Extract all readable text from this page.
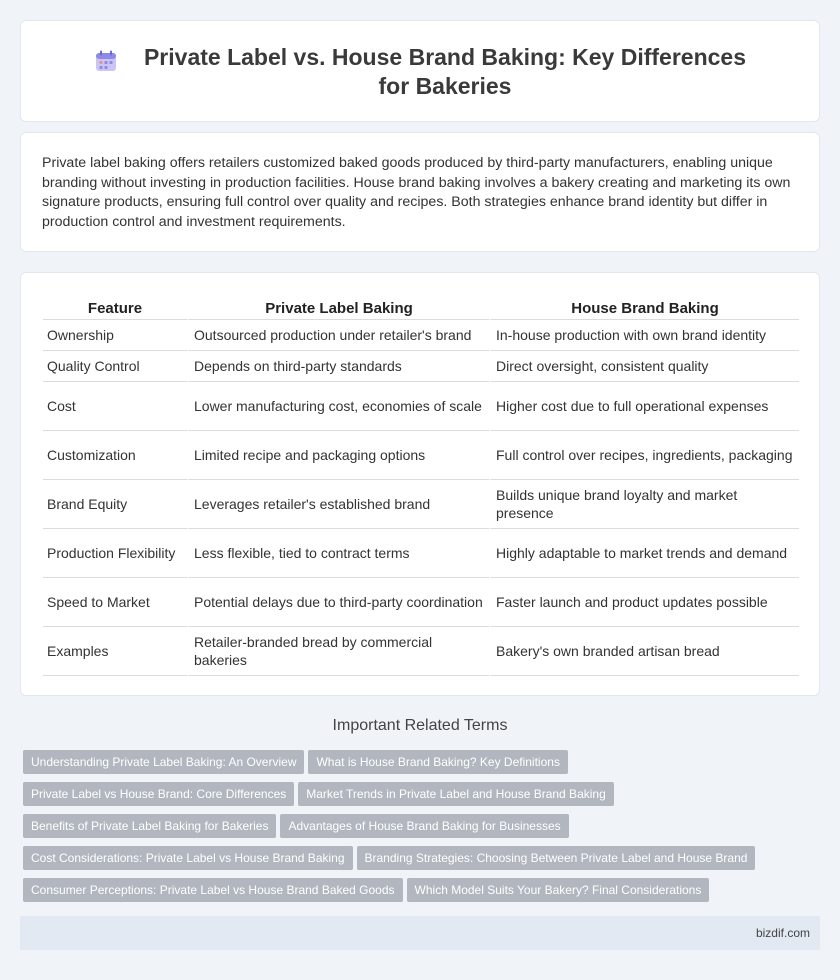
Private Label vs. House Brand Baking: Key Differences for Bakeries

Private label baking offers retailers customized baked goods produced by third-party manufacturers, enabling unique branding without investing in production facilities. House brand baking involves a bakery creating and marketing its own signature products, ensuring full control over quality and recipes. Both strategies enhance brand identity but differ in production control and investment requirements.

Feature	Private Label Baking	House Brand Baking
Ownership	Outsourced production under retailer's brand	In-house production with own brand identity
Quality Control	Depends on third-party standards	Direct oversight, consistent quality
Cost	Lower manufacturing cost, economies of scale	Higher cost due to full operational expenses
Customization	Limited recipe and packaging options	Full control over recipes, ingredients, packaging
Brand Equity	Leverages retailer's established brand	Builds unique brand loyalty and market presence
Production Flexibility	Less flexible, tied to contract terms	Highly adaptable to market trends and demand
Speed to Market	Potential delays due to third-party coordination	Faster launch and product updates possible
Examples	Retailer-branded bread by commercial bakeries	Bakery's own branded artisan bread
Important Related Terms
Understanding Private Label Baking: An Overview What is House Brand Baking? Key Definitions
Private Label vs House Brand: Core Differences Market Trends in Private Label and House Brand Baking
Benefits of Private Label Baking for Bakeries Advantages of House Brand Baking for Businesses
Cost Considerations: Private Label vs House Brand Baking Branding Strategies: Choosing Between Private Label and House Brand
Consumer Perceptions: Private Label vs House Brand Baked Goods Which Model Suits Your Bakery? Final Considerations
bizdif.com
